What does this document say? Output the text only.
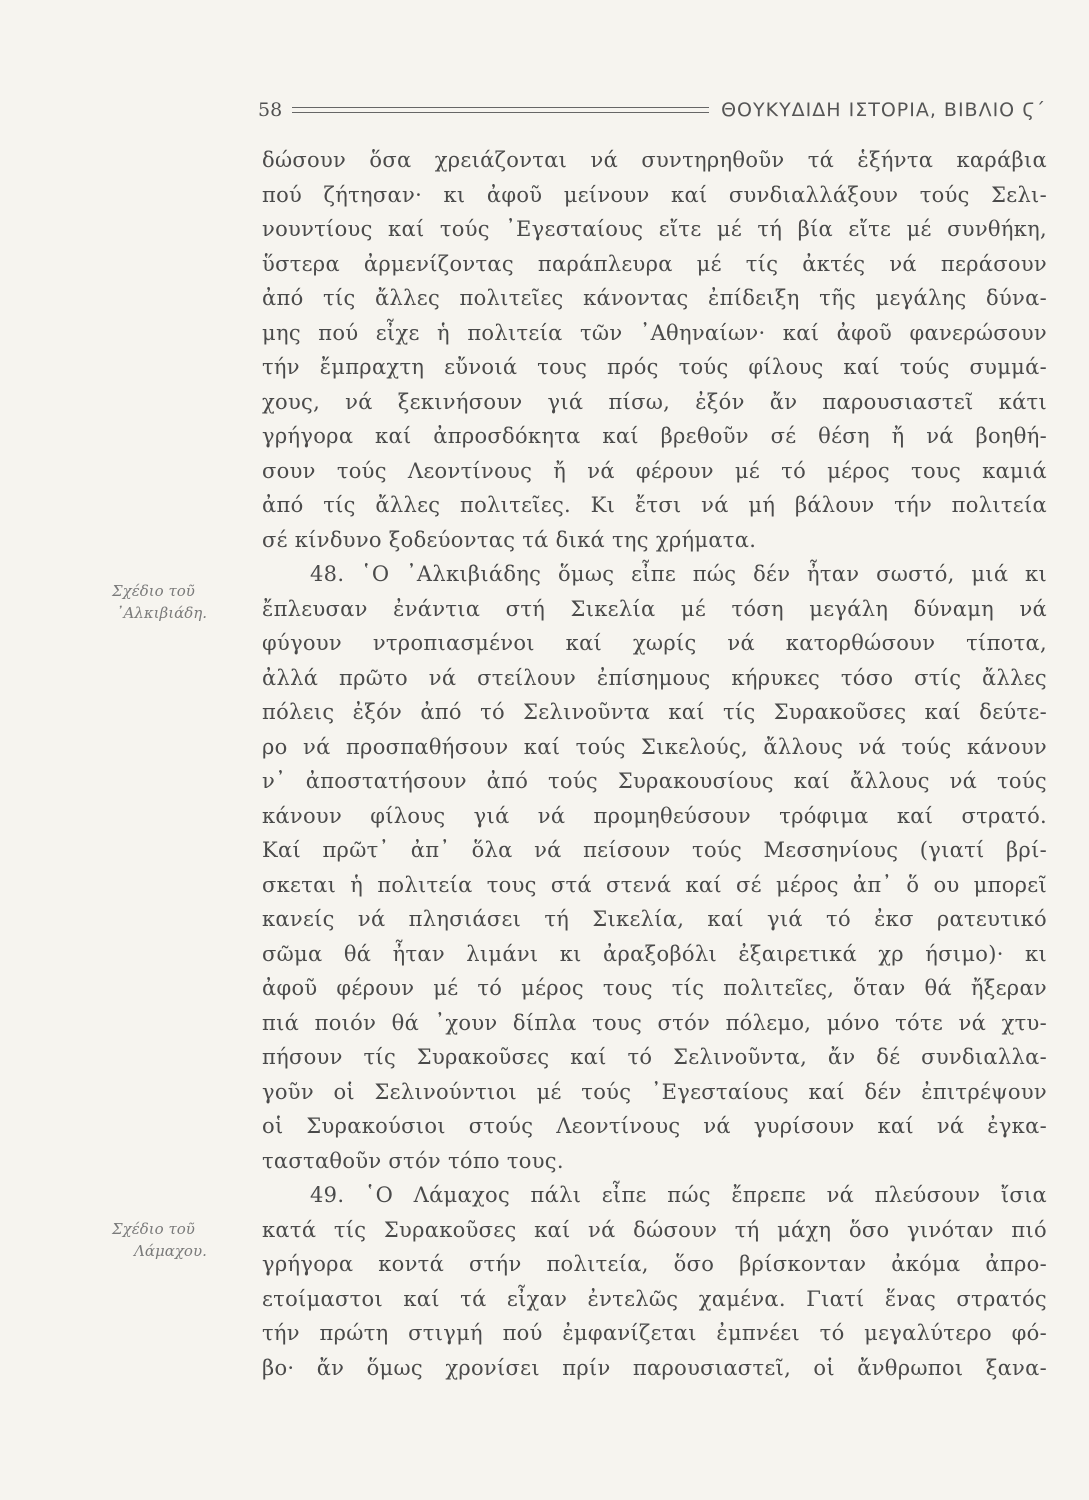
58	ΘΟΥΚΥΔΙΔΗ ΙΣΤΟΡΙΑ, ΒΙΒΛΙΟ Ϛ΄
Σχέδιο τοῦ
᾿Αλκιβιάδη.
Σχέδιο τοῦ
Λάμαχου.
δώσουν ὅσα χρειάζονται νά συντηρηθοῦν τά ἑξήντα καράβια
πού ζήτησαν· κι ἀφοῦ μείνουν καί συνδιαλλάξουν τούς Σελι-
νουντίους καί τούς ᾿Εγεσταίους εἴτε μέ τή βία εἴτε μέ συνθήκη,
ὕστερα ἀρμενίζοντας παράπλευρα μέ τίς ἀκτές νά περάσουν
ἀπό τίς ἄλλες πολιτεῖες κάνοντας ἐπίδειξη τῆς μεγάλης δύνα-
μης πού εἶχε ἡ πολιτεία τῶν ᾿Αθηναίων· καί ἀφοῦ φανερώσουν
τήν ἔμπραχτη εὔνοιά τους πρός τούς φίλους καί τούς συμμά-
χους, νά ξεκινήσουν γιά πίσω, ἐξόν ἄν παρουσιαστεῖ κάτι
γρήγορα καί ἀπροσδόκητα καί βρεθοῦν σέ θέση ἤ νά βοηθή-
σουν τούς Λεοντίνους ἤ νά φέρουν μέ τό μέρος τους καμιά
ἀπό τίς ἄλλες πολιτεῖες. Κι ἔτσι νά μή βάλουν τήν πολιτεία
σέ κίνδυνο ξοδεύοντας τά δικά της χρήματα.
48. ῾Ο ᾿Αλκιβιάδης ὅμως εἶπε πώς δέν ἦταν σωστό, μιά κι
ἔπλευσαν ἐνάντια στή Σικελία μέ τόση μεγάλη δύναμη νά
φύγουν ντροπιασμένοι καί χωρίς νά κατορθώσουν τίποτα,
ἀλλά πρῶτο νά στείλουν ἐπίσημους κήρυκες τόσο στίς ἄλλες
πόλεις ἐξόν ἀπό τό Σελινοῦντα καί τίς Συρακοῦσες καί δεύτε-
ρο νά προσπαθήσουν καί τούς Σικελούς, ἄλλους νά τούς κάνουν
ν᾿ ἀποστατήσουν ἀπό τούς Συρακουσίους καί ἄλλους νά τούς
κάνουν φίλους γιά νά προμηθεύσουν τρόφιμα καί στρατό.
Καί πρῶτ᾿ ἀπ᾿ ὅλα νά πείσουν τούς Μεσσηνίους (γιατί βρί-
σκεται ἡ πολιτεία τους στά στενά καί σέ μέρος ἀπ᾿ ὅ ου μπορεῖ
κανείς νά πλησιάσει τή Σικελία, καί γιά τό ἐκσ ρατευτικό
σῶμα θά ἦταν λιμάνι κι ἀραξοβόλι ἐξαιρετικά χρ ήσιμο)· κι
ἀφοῦ φέρουν μέ τό μέρος τους τίς πολιτεῖες, ὅταν θά ἤξεραν
πιά ποιόν θά ᾿χουν δίπλα τους στόν πόλεμο, μόνο τότε νά χτυ-
πήσουν τίς Συρακοῦσες καί τό Σελινοῦντα, ἄν δέ συνδιαλλα-
γοῦν οἱ Σελινούντιοι μέ τούς ᾿Εγεσταίους καί δέν ἐπιτρέψουν
οἱ Συρακούσιοι στούς Λεοντίνους νά γυρίσουν καί νά ἐγκα-
τασταθοῦν στόν τόπο τους.
49. ῾Ο Λάμαχος πάλι εἶπε πώς ἔπρεπε νά πλεύσουν ἴσια
κατά τίς Συρακοῦσες καί νά δώσουν τή μάχη ὅσο γινόταν πιό
γρήγορα κοντά στήν πολιτεία, ὅσο βρίσκονταν ἀκόμα ἀπρο-
ετοίμαστοι καί τά εἶχαν ἐντελῶς χαμένα. Γιατί ἕνας στρατός
τήν πρώτη στιγμή πού ἐμφανίζεται ἐμπνέει τό μεγαλύτερο φό-
βο· ἄν ὅμως χρονίσει πρίν παρουσιαστεῖ, οἱ ἄνθρωποι ξανα-
